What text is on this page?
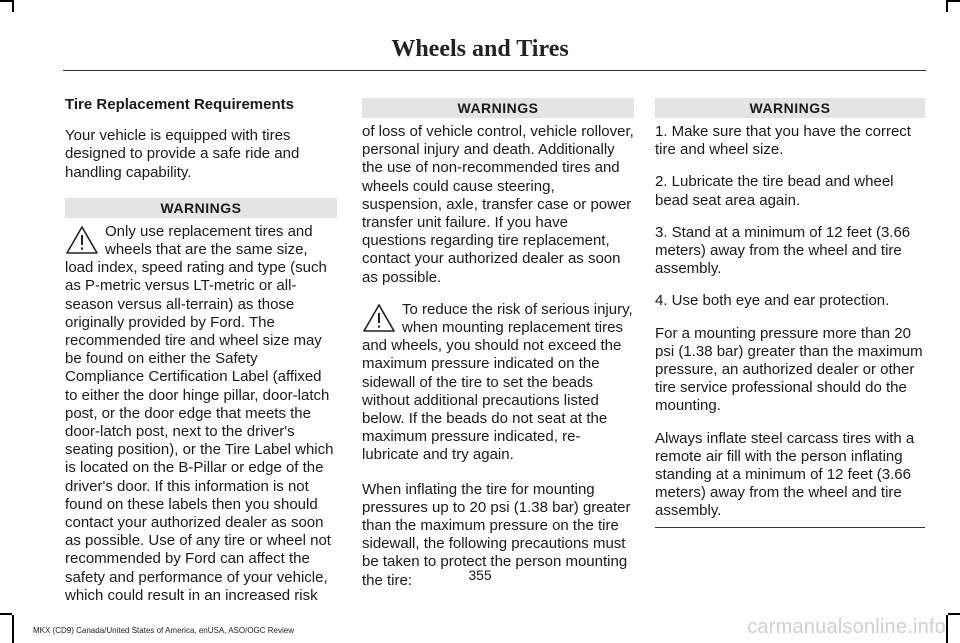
Wheels and Tires

Tire Replacement Requirements

Your vehicle is equipped with tires designed to provide a safe ride and handling capability.

WARNINGS
Only use replacement tires and wheels that are the same size, load index, speed rating and type (such as P-metric versus LT-metric or all-season versus all-terrain) as those originally provided by Ford. The recommended tire and wheel size may be found on either the Safety Compliance Certification Label (affixed to either the door hinge pillar, door-latch post, or the door edge that meets the door-latch post, next to the driver's seating position), or the Tire Label which is located on the B-Pillar or edge of the driver's door. If this information is not found on these labels then you should contact your authorized dealer as soon as possible. Use of any tire or wheel not recommended by Ford can affect the safety and performance of your vehicle, which could result in an increased risk
WARNINGS

of loss of vehicle control, vehicle rollover, personal injury and death. Additionally the use of non-recommended tires and wheels could cause steering, suspension, axle, transfer case or power transfer unit failure. If you have questions regarding tire replacement, contact your authorized dealer as soon as possible.

To reduce the risk of serious injury, when mounting replacement tires and wheels, you should not exceed the maximum pressure indicated on the sidewall of the tire to set the beads without additional precautions listed below. If the beads do not seat at the maximum pressure indicated, re-lubricate and try again.

When inflating the tire for mounting pressures up to 20 psi (1.38 bar) greater than the maximum pressure on the tire sidewall, the following precautions must be taken to protect the person mounting the tire:

WARNINGS

1. Make sure that you have the correct tire and wheel size.

2. Lubricate the tire bead and wheel bead seat area again.

3. Stand at a minimum of 12 feet (3.66 meters) away from the wheel and tire assembly.

4. Use both eye and ear protection.

For a mounting pressure more than 20 psi (1.38 bar) greater than the maximum pressure, an authorized dealer or other tire service professional should do the mounting.

Always inflate steel carcass tires with a remote air fill with the person inflating standing at a minimum of 12 feet (3.66 meters) away from the wheel and tire assembly.

355
MKX (CD9) Canada/United States of America, enUSA, ASO/OGC Review	carmanualsonline.info
